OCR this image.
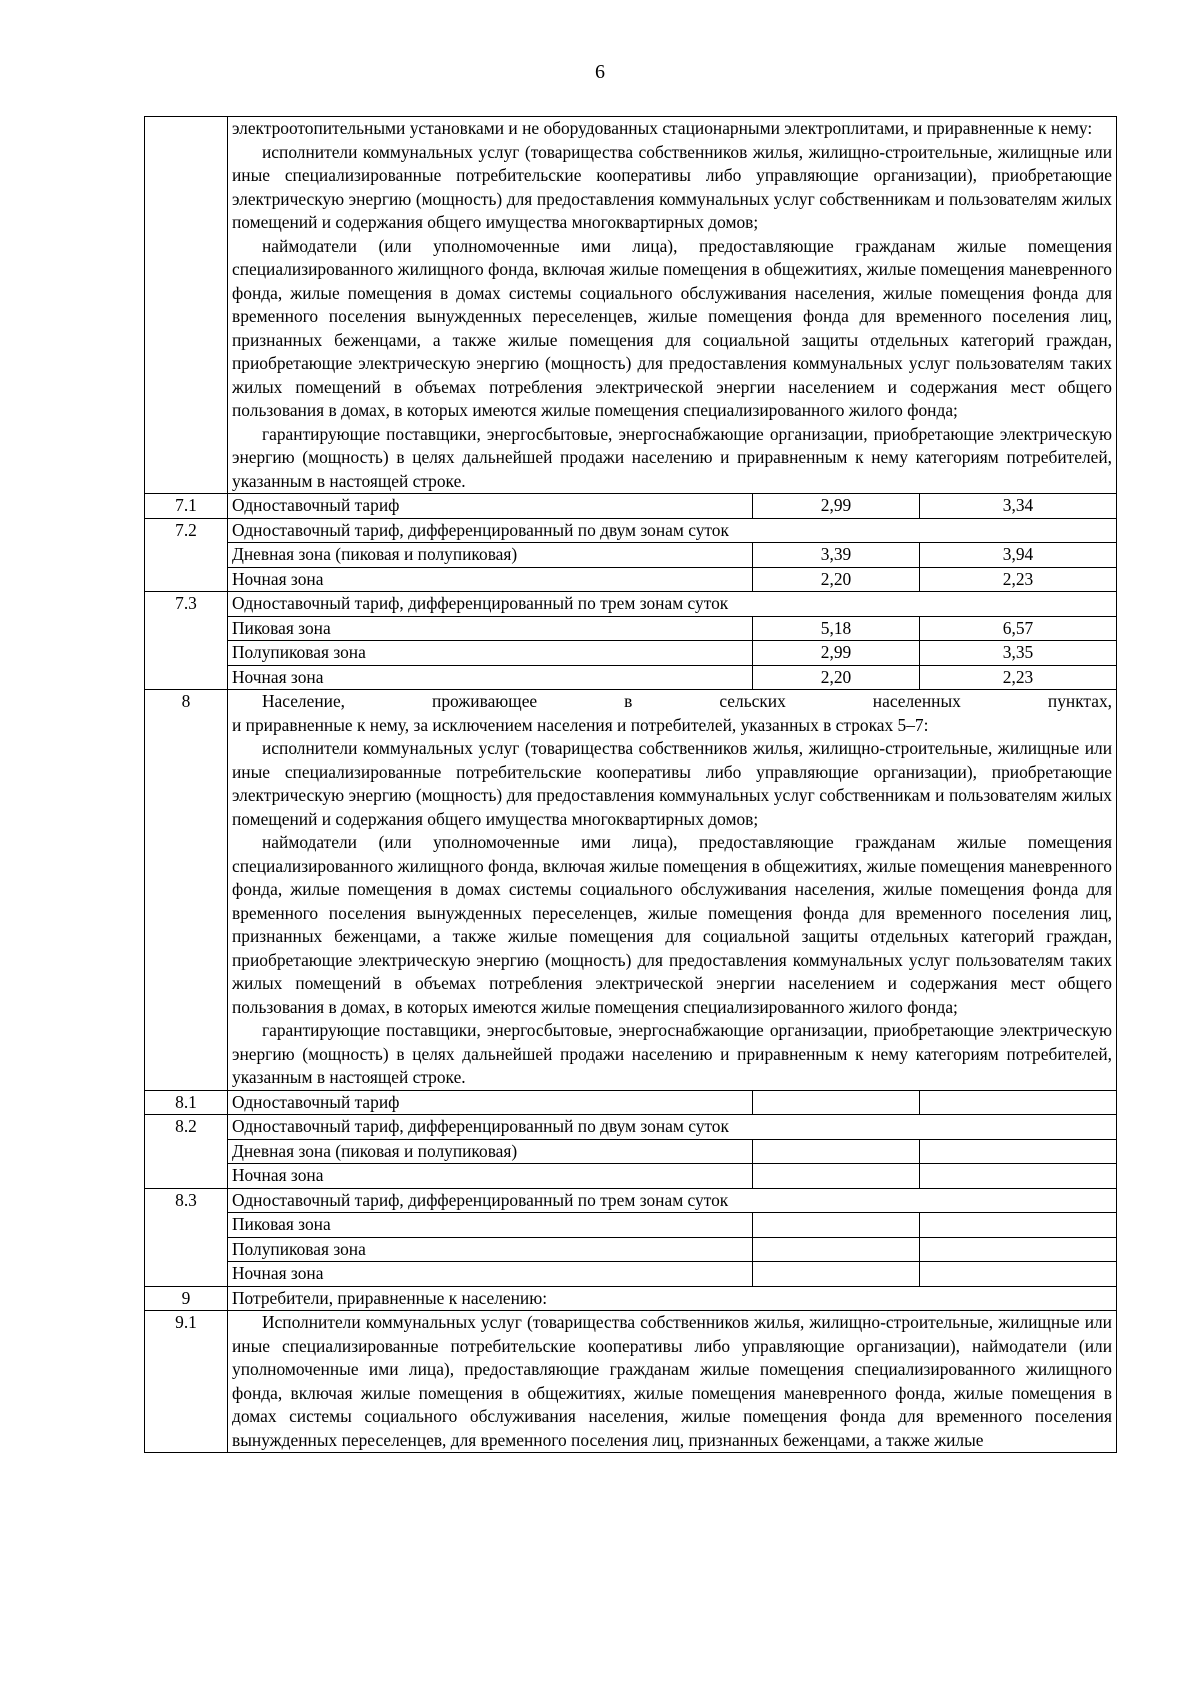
6

	электроотопительными установками и не оборудованных стационарными электроплитами, и приравненные к нему:
исполнители коммунальных услуг (товарищества собственников жилья, жилищно-строительные, жилищные или иные специализированные потребительские кооперативы либо управляющие организации), приобретающие электрическую энергию (мощность) для предоставления коммунальных услуг собственникам и пользователям жилых помещений и содержания общего имущества многоквартирных домов;
наймодатели (или уполномоченные ими лица), предоставляющие гражданам жилые помещения специализированного жилищного фонда, включая жилые помещения в общежитиях, жилые помещения маневренного фонда, жилые помещения в домах системы социального обслуживания населения, жилые помещения фонда для временного поселения вынужденных переселенцев, жилые помещения фонда для временного поселения лиц, признанных беженцами, а также жилые помещения для социальной защиты отдельных категорий граждан, приобретающие электрическую энергию (мощность) для предоставления коммунальных услуг пользователям таких жилых помещений в объемах потребления электрической энергии населением и содержания мест общего пользования в домах, в которых имеются жилые помещения специализированного жилого фонда;
гарантирующие поставщики, энергосбытовые, энергоснабжающие организации, приобретающие электрическую энергию (мощность) в целях дальнейшей продажи населению и приравненным к нему категориям потребителей, указанным в настоящей строке.		

7.1	Одноставочный тариф	2,99	3,34
7.2	Одноставочный тариф, дифференцированный по двум зонам суток		
	Дневная зона (пиковая и полупиковая)	3,39	3,94
	Ночная зона	2,20	2,23
7.3	Одноставочный тариф, дифференцированный по трем зонам суток		
	Пиковая зона	5,18	6,57
	Полупиковая зона	2,99	3,35
	Ночная зона	2,20	2,23
8	Население, проживающее в сельских населенных пунктах,
и приравненные к нему, за исключением населения и потребителей, указанных в строках 5–7:
исполнители коммунальных услуг (товарищества собственников жилья, жилищно-строительные, жилищные или иные специализированные потребительские кооперативы либо управляющие организации), приобретающие электрическую энергию (мощность) для предоставления коммунальных услуг собственникам и пользователям жилых помещений и содержания общего имущества многоквартирных домов;
наймодатели (или уполномоченные ими лица), предоставляющие гражданам жилые помещения специализированного жилищного фонда, включая жилые помещения в общежитиях, жилые помещения маневренного фонда, жилые помещения в домах системы социального обслуживания населения, жилые помещения фонда для временного поселения вынужденных переселенцев, жилые помещения фонда для временного поселения лиц, признанных беженцами, а также жилые помещения для социальной защиты отдельных категорий граждан, приобретающие электрическую энергию (мощность) для предоставления коммунальных услуг пользователям таких жилых помещений в объемах потребления электрической энергии населением и содержания мест общего пользования в домах, в которых имеются жилые помещения специализированного жилого фонда;
гарантирующие поставщики, энергосбытовые, энергоснабжающие организации, приобретающие электрическую энергию (мощность) в целях дальнейшей продажи населению и приравненным к нему категориям потребителей, указанным в настоящей строке.		

8.1	Одноставочный тариф		
8.2	Одноставочный тариф, дифференцированный по двум зонам суток		
	Дневная зона (пиковая и полупиковая)		
	Ночная зона		
8.3	Одноставочный тариф, дифференцированный по трем зонам суток		
	Пиковая зона		
	Полупиковая зона		
	Ночная зона		
9	Потребители, приравненные к населению:		
9.1	Исполнители коммунальных услуг (товарищества собственников жилья, жилищно-строительные, жилищные или иные специализированные потребительские кооперативы либо управляющие организации), наймодатели (или уполномоченные ими лица), предоставляющие гражданам жилые помещения специализированного жилищного фонда, включая жилые помещения в общежитиях, жилые помещения маневренного фонда, жилые помещения в домах системы социального обслуживания населения, жилые помещения фонда для временного поселения вынужденных переселенцев, для временного поселения лиц, признанных беженцами, а также жилые		
